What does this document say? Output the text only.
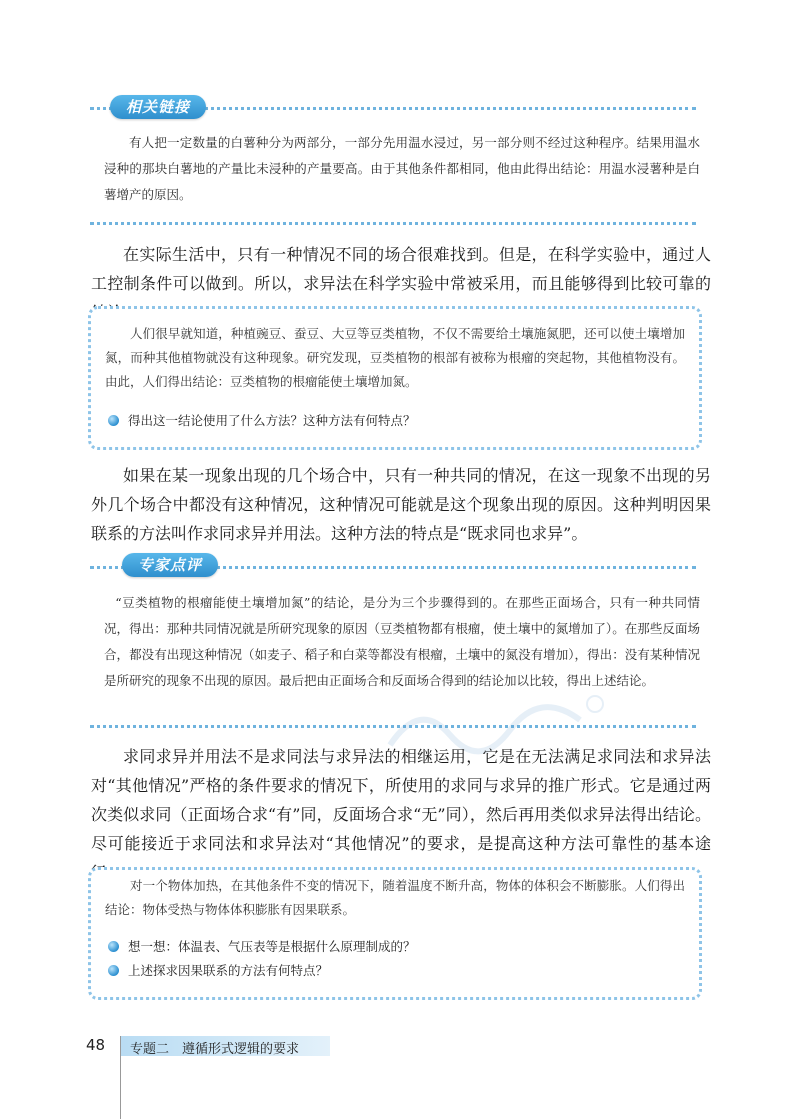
相关链接

有人把一定数量的白薯种分为两部分，一部分先用温水浸过，另一部分则不经过这种程序。结果用温水浸种的那块白薯地的产量比未浸种的产量要高。由于其他条件都相同，他由此得出结论：用温水浸薯种是白薯增产的原因。

在实际生活中，只有一种情况不同的场合很难找到。但是，在科学实验中，通过人工控制条件可以做到。所以，求异法在科学实验中常被采用，而且能够得到比较可靠的

人们很早就知道，种植豌豆、蚕豆、大豆等豆类植物，不仅不需要给土壤施氮肥，还可以使土壤增加氮，而种其他植物就没有这种现象。研究发现，豆类植物的根部有被称为根瘤的突起物，其他植物没有。由此，人们得出结论：豆类植物的根瘤能使土壤增加氮。

得出这一结论使用了什么方法？这种方法有何特点？

如果在某一现象出现的几个场合中，只有一种共同的情况，在这一现象不出现的另外几个场合中都没有这种情况，这种情况可能就是这个现象出现的原因。这种判明因果联系的方法叫作求同求异并用法。这种方法的特点是“既求同也求异”。

专家点评

“豆类植物的根瘤能使土壤增加氮”的结论，是分为三个步骤得到的。在那些正面场合，只有一种共同情况，得出：那种共同情况就是所研究现象的原因（豆类植物都有根瘤，使土壤中的氮增加了）。在那些反面场合，都没有出现这种情况（如麦子、稻子和白菜等都没有根瘤，土壤中的氮没有增加），得出：没有某种情况是所研究的现象不出现的原因。最后把由正面场合和反面场合得到的结论加以比较，得出上述结论。

求同求异并用法不是求同法与求异法的相继运用，它是在无法满足求同法和求异法对“其他情况”严格的条件要求的情况下，所使用的求同与求异的推广形式。它是通过两次类似求同（正面场合求“有”同，反面场合求“无”同），然后再用类似求异法得出结论。尽可能接近于求同法和求异法对“其他情况”的要求，是提高这种方法可靠性的基本途

对一个物体加热，在其他条件不变的情况下，随着温度不断升高，物体的体积会不断膨胀。人们得出结论：物体受热与物体体积膨胀有因果联系。

想一想：体温表、气压表等是根据什么原理制成的？
上述探求因果联系的方法有何特点？
48 专题二　遵循形式逻辑的要求
